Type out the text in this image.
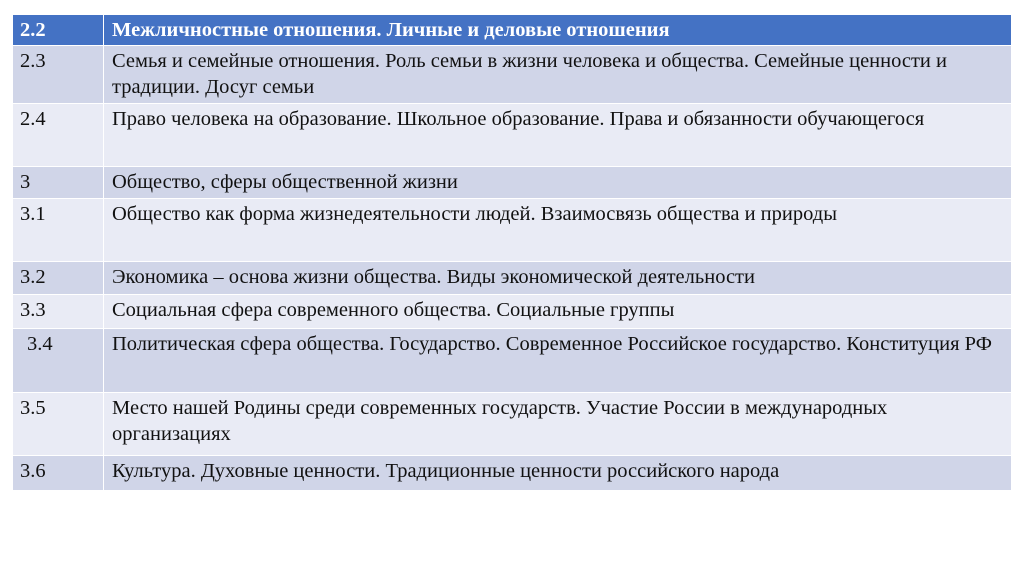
2.2	Межличностные отношения. Личные и деловые отношения
2.3	Семья и семейные отношения. Роль семьи в жизни человека и общества. Семейные ценности и традиции. Досуг семьи
2.4	Право человека на образование. Школьное образование. Права и обязанности обучающегося
3	Общество, сферы общественной жизни
3.1	Общество как форма жизнедеятельности людей. Взаимосвязь общества и природы
3.2	Экономика – основа жизни общества. Виды экономической деятельности
3.3	Социальная сфера современного общества. Социальные группы
3.4	Политическая сфера общества. Государство. Современное Российское государство. Конституция РФ
3.5	Место нашей Родины среди современных государств. Участие России в международных организациях
3.6	Культура. Духовные ценности. Традиционные ценности российского народа
